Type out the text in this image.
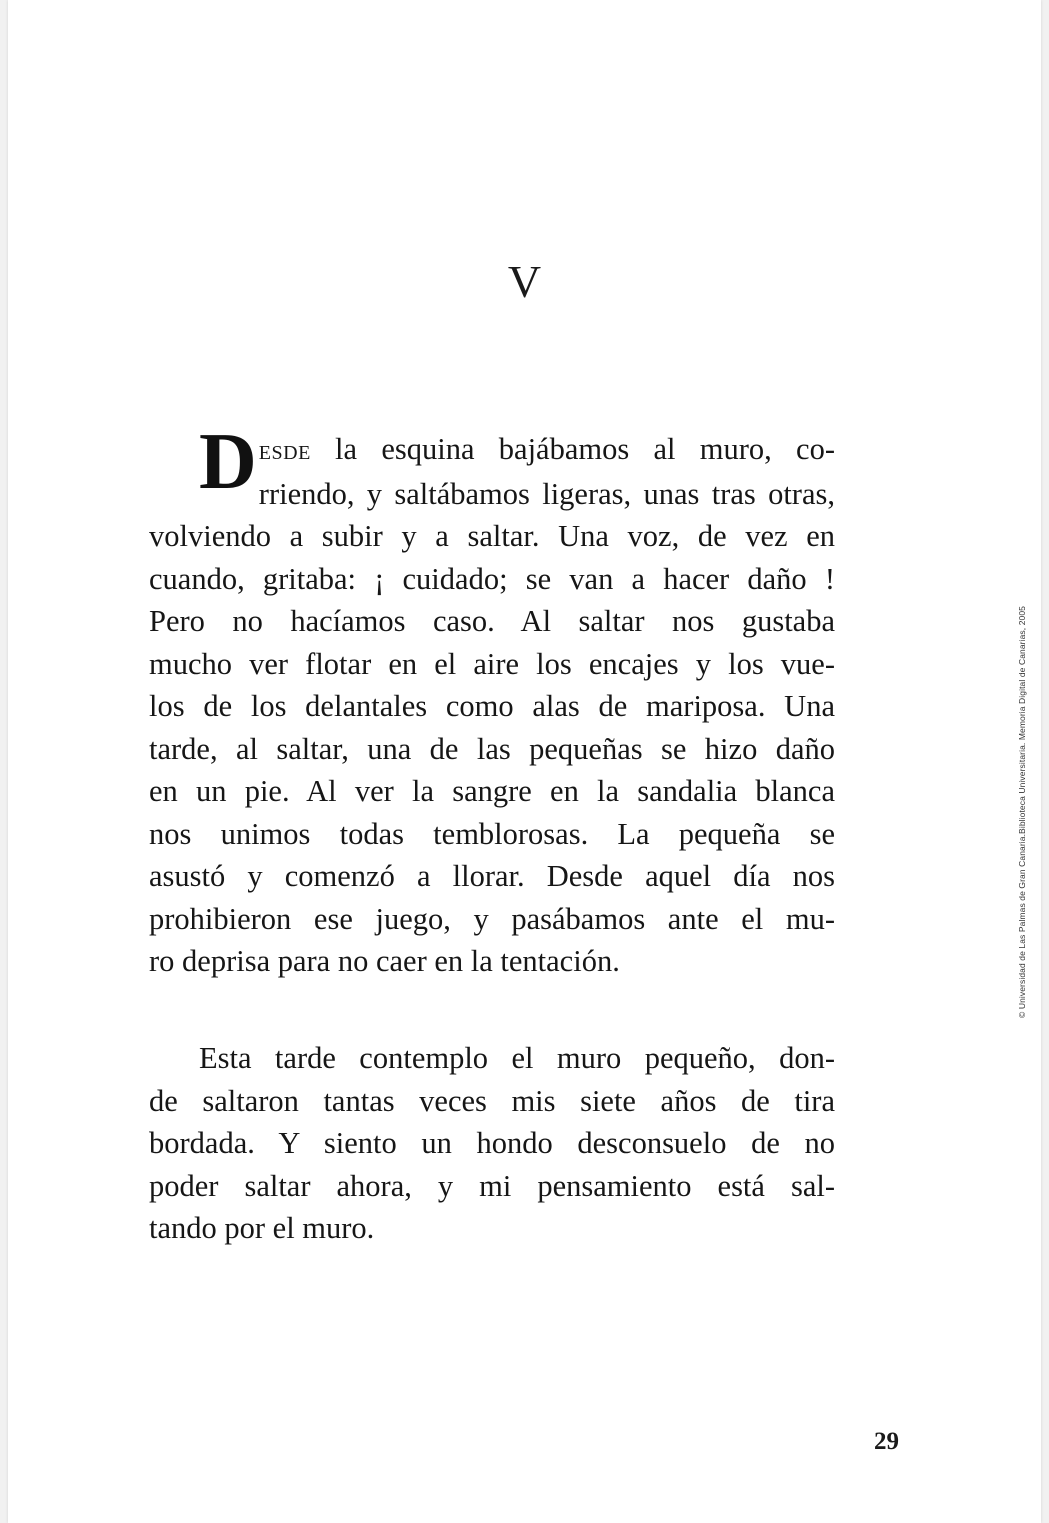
V
D esde la esquina bajábamos al muro, co-
rriendo, y saltábamos ligeras, unas tras otras,
volviendo a subir y a saltar. Una voz, de vez en
cuando, gritaba: ¡ cuidado; se van a hacer daño !
Pero no hacíamos caso. Al saltar nos gustaba
mucho ver flotar en el aire los encajes y los vue-
los de los delantales como alas de mariposa. Una
tarde, al saltar, una de las pequeñas se hizo daño
en un pie. Al ver la sangre en la sandalia blanca
nos unimos todas temblorosas. La pequeña se
asustó y comenzó a llorar. Desde aquel día nos
prohibieron ese juego, y pasábamos ante el mu-
ro deprisa para no caer en la tentación.
Esta tarde contemplo el muro pequeño, don-
de saltaron tantas veces mis siete años de tira
bordada. Y siento un hondo desconsuelo de no
poder saltar ahora, y mi pensamiento está sal-
tando por el muro.
© Universidad de Las Palmas de Gran Canaria.Biblioteca Universitaria. Memoria Digital de Canarias, 2005
29
